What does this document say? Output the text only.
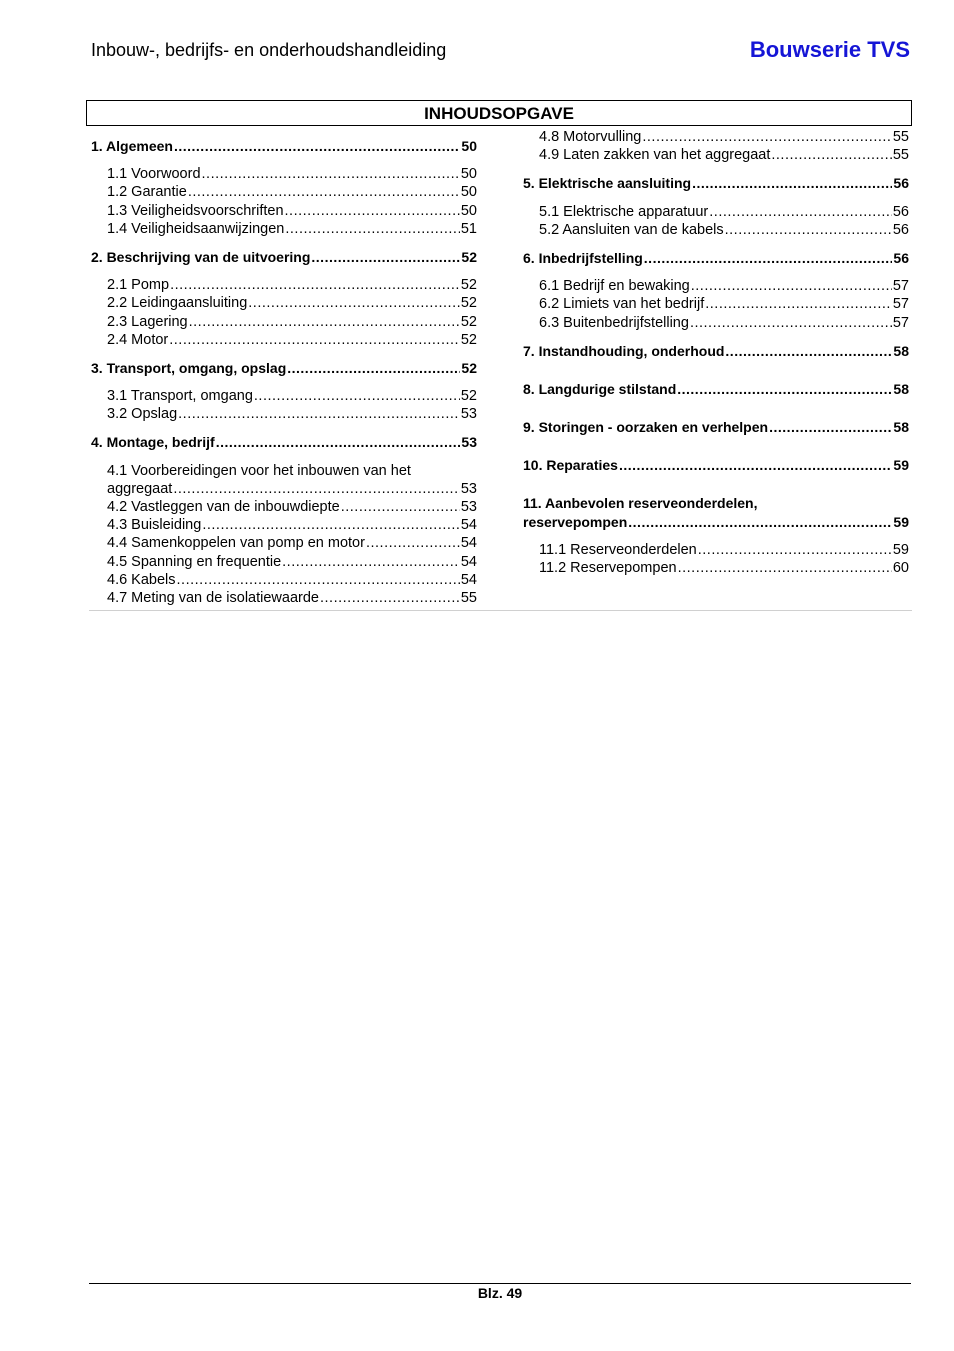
Inbouw-, bedrijfs- en onderhoudshandleiding	Bouwserie TVS
INHOUDSOPGAVE
1. Algemeen .....	50
1.1 Voorwoord .....	50
1.2 Garantie .....	50
1.3 Veiligheidsvoorschriften .....	50
1.4 Veiligheidsaanwijzingen .....	51
2. Beschrijving van de uitvoering .....	52
2.1 Pomp .....	52
2.2 Leidingaansluiting .....	52
2.3 Lagering .....	52
2.4 Motor .....	52
3. Transport, omgang, opslag .....	52
3.1 Transport, omgang .....	52
3.2 Opslag .....	53
4. Montage, bedrijf .....	53
4.1 Voorbereidingen voor het inbouwen van het
aggregaat .....	53
4.2 Vastleggen van de inbouwdiepte .....	53
4.3 Buisleiding .....	54
4.4 Samenkoppelen van pomp en motor .....	54
4.5 Spanning en frequentie .....	54
4.6 Kabels .....	54
4.7 Meting van de isolatiewaarde .....	55
4.8 Motorvulling .....	55
4.9 Laten zakken van het aggregaat .....	55
5. Elektrische aansluiting .....	56
5.1 Elektrische apparatuur .....	56
5.2 Aansluiten van de kabels .....	56
6. Inbedrijfstelling .....	56
6.1 Bedrijf en bewaking .....	57
6.2 Limiets van het bedrijf .....	57
6.3 Buitenbedrijfstelling .....	57
7. Instandhouding, onderhoud .....	58
8. Langdurige stilstand .....	58
9. Storingen - oorzaken en verhelpen .....	58
10. Reparaties .....	59
11. Aanbevolen reserveonderdelen,
reservepompen .....	59
11.1 Reserveonderdelen .....	59
11.2 Reservepompen .....	60
Blz. 49
